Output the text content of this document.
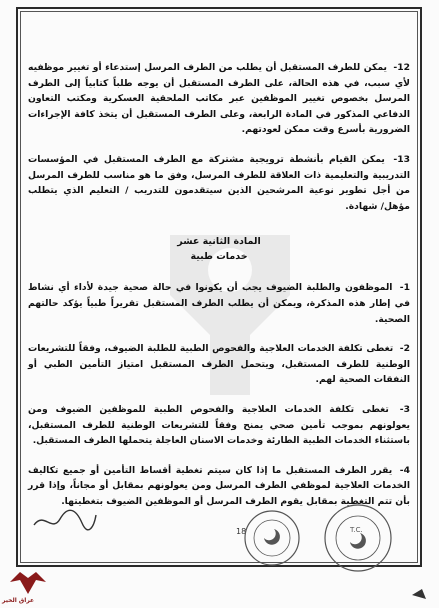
12- يمكن للطرف المستقبل أن يطلب من الطرف المرسل إستدعاء أو تغيير موظفيه لأي سبب، في هذه الحالة، على الطرف المستقبل أن يوجه طلباً كتابياً إلى الطرف المرسل بخصوص تغيير الموظفين عبر مكاتب الملحقية العسكرية ومكتب التعاون الدفاعي المذكور في المادة الرابعة، وعلى الطرف المستقبل أن يتخذ كافة الإجراءات الضرورية بأسرع وقت ممكن لعودتهم.

13- يمكن القيام بأنشطة ترويجية مشتركة مع الطرف المستقبل في المؤسسات التدريبية والتعليمية ذات العلاقة للطرف المرسل، وفق ما هو مناسب للطرف المرسل من أجل تطوير نوعية المرشحين الذين سيتقدمون للتدريب / التعليم الذي يتطلب مؤهل/ شهادة.

المادة الثانية عشر

خدمات طبية

1- الموظفون والطلبة الضيوف يجب أن يكونوا في حالة صحية جيدة لأداء أي نشاط في إطار هذه المذكرة، ويمكن أن يطلب الطرف المستقبل تقريراً طبياً يؤكد حالتهم الصحية.

2- تغطى تكلفة الخدمات العلاجية والفحوص الطبية للطلبة الضيوف، وفقاً للتشريعات الوطنية للطرف المستقبل، ويتحمل الطرف المستقبل امتياز التأمين الطبي أو النفقات الصحية لهم.

3- تغطى تكلفة الخدمات العلاجية والفحوص الطبية للموظفين الضيوف ومن يعولونهم بموجب تأمين صحي يمنح وفقاً للتشريعات الوطنية للطرف المستقبل، باستثناء الخدمات الطبية الطارئة وخدمات الاسنان العاجلة يتحملها الطرف المستقبل.

4- يقرر الطرف المستقبل ما إذا كان سيتم تغطية أقساط التأمين أو جميع تكاليف الخدمات العلاجية لموظفي الطرف المرسل ومن يعولونهم بمقابل أو مجاناً، وإذا قرر بأن تتم التغطية بمقابل يقوم الطرف المرسل أو الموظفين الضيوف بتغطيتها.

18	T.C.
عراق الخير
